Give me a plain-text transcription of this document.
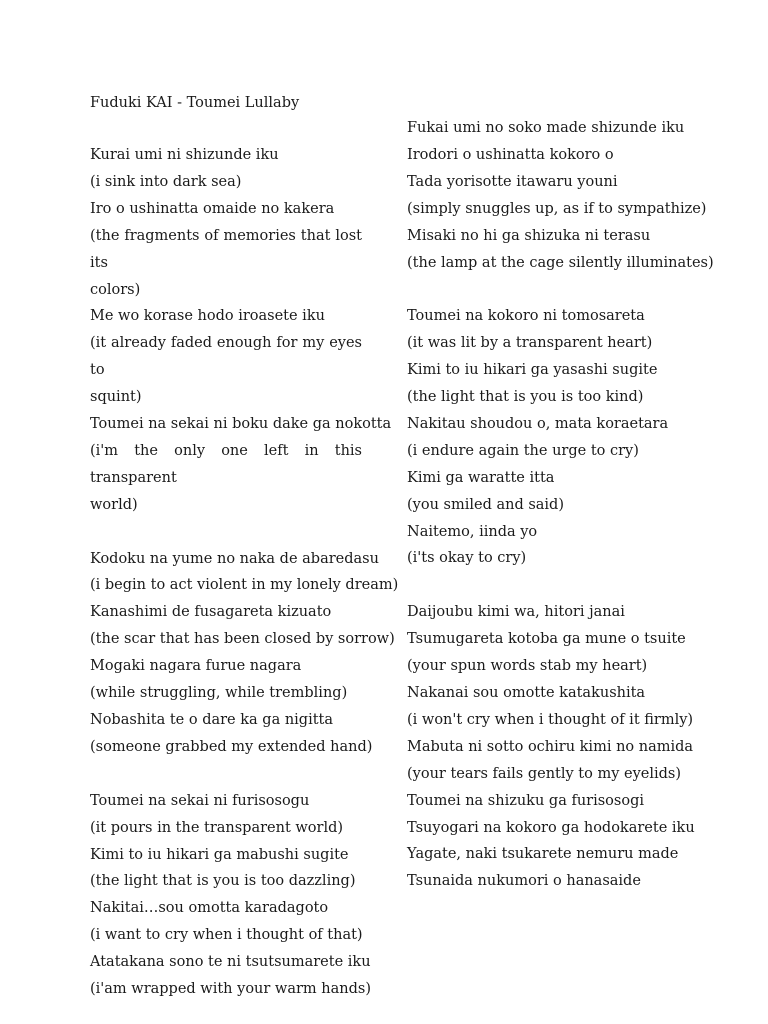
Fuduki KAI - Toumei Lullaby
Kurai umi ni shizunde iku
(i sink into dark sea)
Iro o ushinatta omaide no kakera
(the fragments of memories that lost its
colors)
Me wo korase hodo iroasete iku
(it already faded enough for my eyes to
squint)
Toumei na sekai ni boku dake ga nokotta
(i'm the only one left in this transparent
world)
Kodoku na yume no naka de abaredasu
(i begin to act violent in my lonely dream)
Kanashimi de fusagareta kizuato
(the scar that has been closed by sorrow)
Mogaki nagara furue nagara
(while struggling, while trembling)
Nobashita te o dare ka ga nigitta
(someone grabbed my extended hand)
Toumei na sekai ni furisosogu
(it pours in the transparent world)
Kimi to iu hikari ga mabushi sugite
(the light that is you is too dazzling)
Nakitai…sou omotta karadagoto
(i want to cry when i thought of that)
Atatakana sono te ni tsutsumarete iku
(i'am wrapped with your warm hands)
Fukai umi no soko made shizunde iku
Irodori o ushinatta kokoro o
Tada yorisotte itawaru youni
(simply snuggles up, as if to sympathize)
Misaki no hi ga shizuka ni terasu
(the lamp at the cage silently illuminates)
Toumei na kokoro ni tomosareta
(it was lit by a transparent heart)
Kimi to iu hikari ga yasashi sugite
(the light that is you is too kind)
Nakitau shoudou o, mata koraetara
(i endure again the urge to cry)
Kimi ga waratte itta
(you smiled and said)
Naitemo, iinda yo
(i'ts okay to cry)
Daijoubu kimi wa, hitori janai
Tsumugareta kotoba ga mune o tsuite
(your spun words stab my heart)
Nakanai sou omotte katakushita
(i won't cry when i thought of it firmly)
Mabuta ni sotto ochiru kimi no namida
(your tears fails gently to my eyelids)
Toumei na shizuku ga furisosogi
Tsuyogari na kokoro ga hodokarete iku
Yagate, naki tsukarete nemuru made
Tsunaida nukumori o hanasaide
